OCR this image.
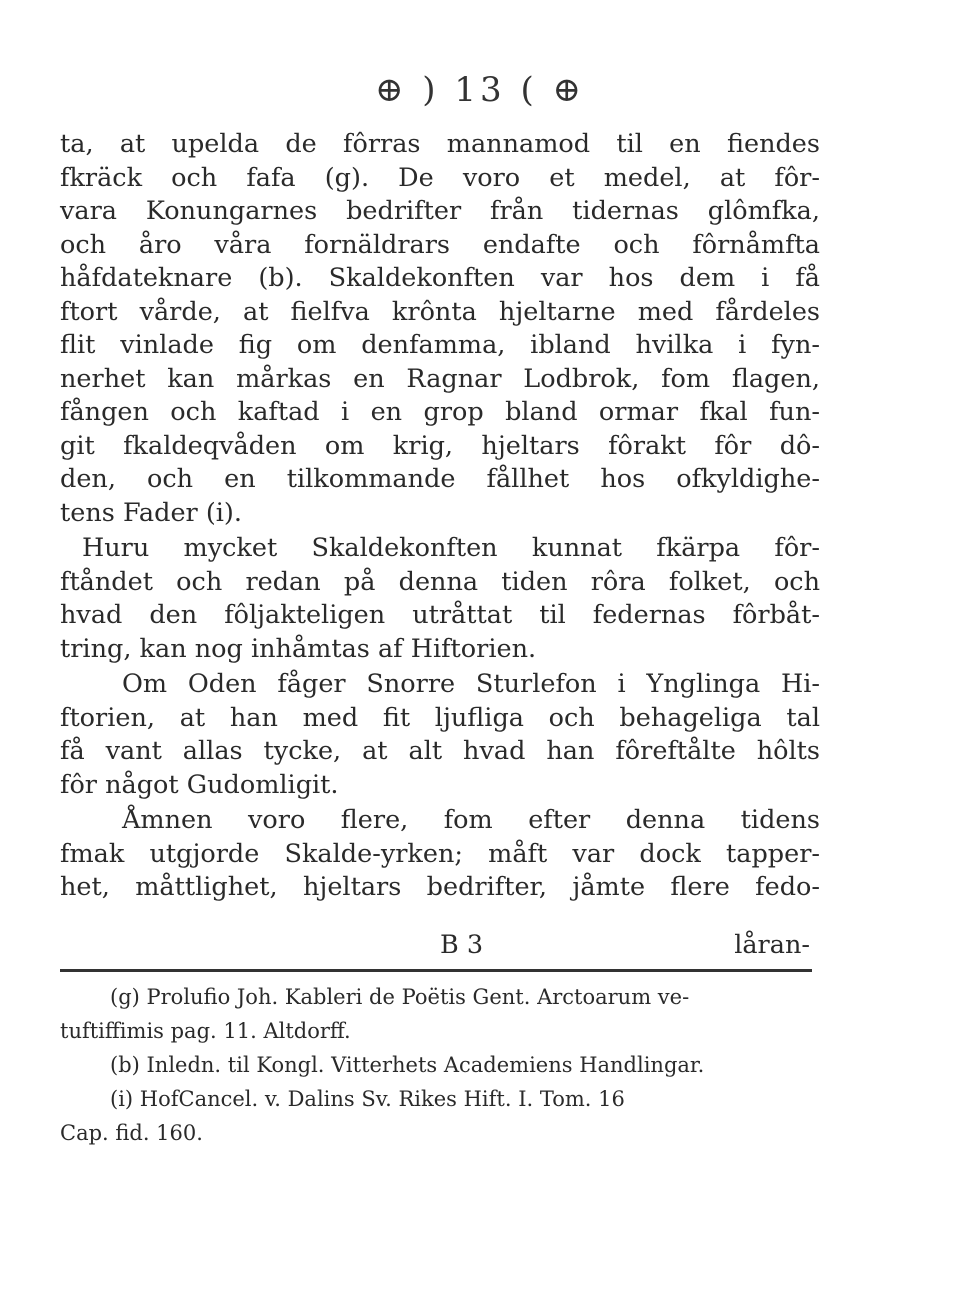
⊕ ) 13 ( ⊕
ta, at upelda de fôrras mannamod til en fiendes
fkräck och fafa (g). De voro et medel, at fôr-
vara Konungarnes bedrifter från tidernas glômfka,
och åro våra fornäldrars endafte och fôrnåmfta
håfdateknare (b). Skaldekonften var hos dem i få
ftort vårde, at fielfva krônta hjeltarne med fårdeles
flit vinlade fig om denfamma, ibland hvilka i fyn-
nerhet kan mårkas en Ragnar Lodbrok, fom flagen,
fången och kaftad i en grop bland ormar fkal fun-
git fkaldeqvåden om krig, hjeltars fôrakt fôr dô-
den, och en tilkommande fållhet hos ofkyldighe-
tens Fader (i).
Huru mycket Skaldekonften kunnat fkärpa fôr-
ftåndet och redan på denna tiden rôra folket, och
hvad den fôljakteligen utråttat til federnas fôrbåt-
tring, kan nog inhåmtas af Hiftorien.
Om Oden fåger Snorre Sturlefon i Ynglinga Hi-
ftorien, at han med fit ljufliga och behageliga tal
få vant allas tycke, at alt hvad han fôreftålte hôlts
fôr något Gudomligit.
Åmnen voro flere, fom efter denna tidens
fmak utgjorde Skalde-yrken; måft var dock tapper-
het, måttlighet, hjeltars bedrifter, jåmte flere fedo-
B 3	låran-
(g) Prolufio Joh. Kableri de Poëtis Gent. Arctoarum ve-
tuftiffimis pag. 11. Altdorff.
(b) Inledn. til Kongl. Vitterhets Academiens Handlingar.
(i) HofCancel. v. Dalins Sv. Rikes Hift. I. Tom. 16
Cap. fid. 160.
